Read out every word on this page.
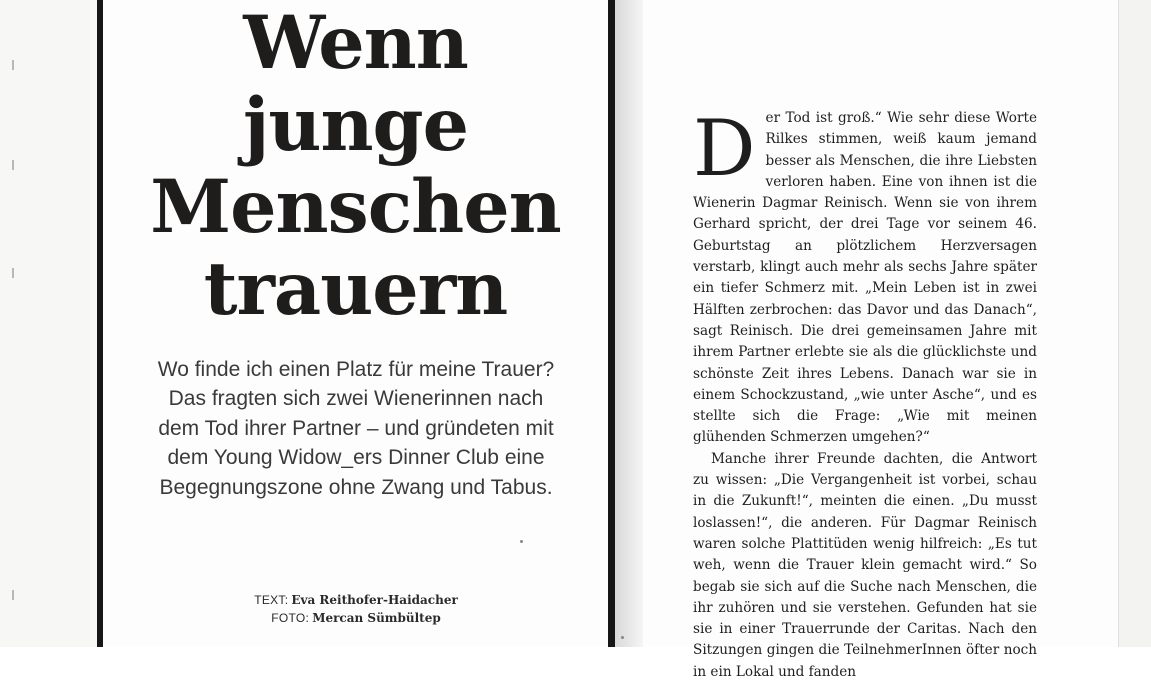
Wenn
junge
Menschen
trauern

Wo finde ich einen Platz für meine Trauer? Das fragten sich zwei Wienerinnen nach dem Tod ihrer Partner – und gründeten mit dem Young Widow_ers Dinner Club eine Begegnungszone ohne Zwang und Tabus.

TEXT: Eva Reithofer-Haidacher
FOTO: Mercan Sümbültep

Der Tod ist groß.“ Wie sehr diese Worte Rilkes stimmen, weiß kaum jemand besser als Menschen, die ihre Liebsten verloren haben. Eine von ihnen ist die Wienerin Dagmar Reinisch. Wenn sie von ihrem Gerhard spricht, der drei Tage vor seinem 46. Geburtstag an plötzlichem Herzversagen verstarb, klingt auch mehr als sechs Jahre später ein tiefer Schmerz mit. „Mein Leben ist in zwei Hälften zerbrochen: das Davor und das Danach“, sagt Reinisch. Die drei gemeinsamen Jahre mit ihrem Partner erlebte sie als die glücklichste und schönste Zeit ihres Lebens. Danach war sie in einem Schockzustand, „wie unter Asche“, und es stellte sich die Frage: „Wie mit meinen glühenden Schmerzen umgehen?“

Manche ihrer Freunde dachten, die Antwort zu wissen: „Die Vergangenheit ist vorbei, schau in die Zukunft!“, meinten die einen. „Du musst loslassen!“, die anderen. Für Dagmar Reinisch waren solche Plattitüden wenig hilfreich: „Es tut weh, wenn die Trauer klein gemacht wird.“ So begab sie sich auf die Suche nach Menschen, die ihr zuhören und sie verstehen. Gefunden hat sie sie in einer Trauerrunde der Caritas. Nach den Sitzungen gingen die TeilnehmerInnen öfter noch in ein Lokal und fanden
